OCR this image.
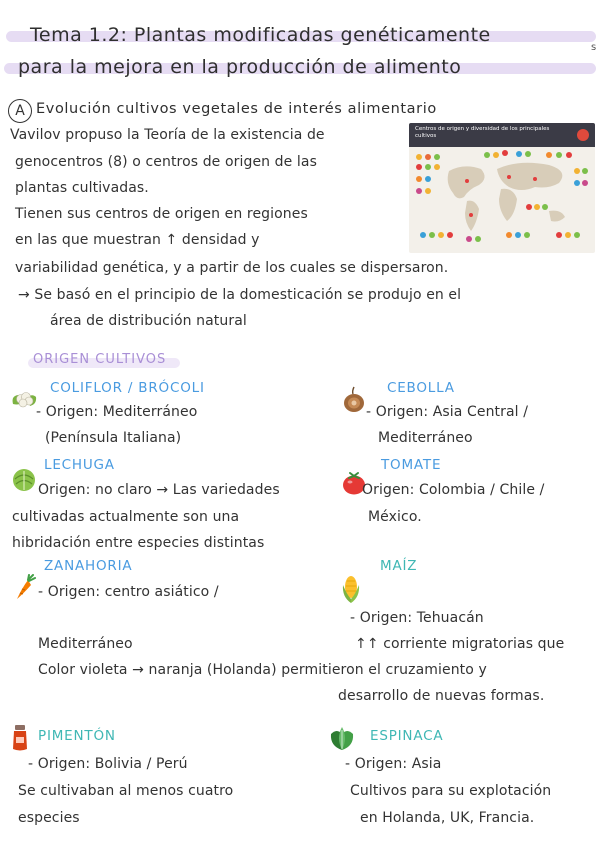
Tema 1.2: Plantas modificadas genéticamente
para la mejora en la producción de alimento
s
A Evolución cultivos vegetales de interés alimentario
Vavilov propuso la Teoría de la existencia de
genocentros (8) o centros de origen de las
plantas cultivadas.
Tienen sus centros de origen en regiones
en las que muestran ↑ densidad y
variabilidad genética, y a partir de los cuales se dispersaron.
→ Se basó en el principio de la domesticación se produjo en el
área de distribución natural
Centros de origen y diversidad de los principales cultivos
ORIGEN CULTIVOS
COLIFLOR / BRÓCOLI
- Origen: Mediterráneo
(Península Italiana)
CEBOLLA
- Origen: Asia Central /
Mediterráneo
LECHUGA
Origen: no claro → Las variedades
cultivadas actualmente son una
hibridación entre especies distintas
TOMATE
Origen: Colombia / Chile /
México.
ZANAHORIA
- Origen: centro asiático /
Mediterráneo
Color violeta → naranja (Holanda) permitieron el cruzamiento y
desarrollo de nuevas formas.
MAÍZ
- Origen: Tehuacán
↑↑ corriente migratorias que
PIMENTÓN
- Origen: Bolivia / Perú
Se cultivaban al menos cuatro
especies
ESPINACA
- Origen: Asia
Cultivos para su explotación
en Holanda, UK, Francia.
